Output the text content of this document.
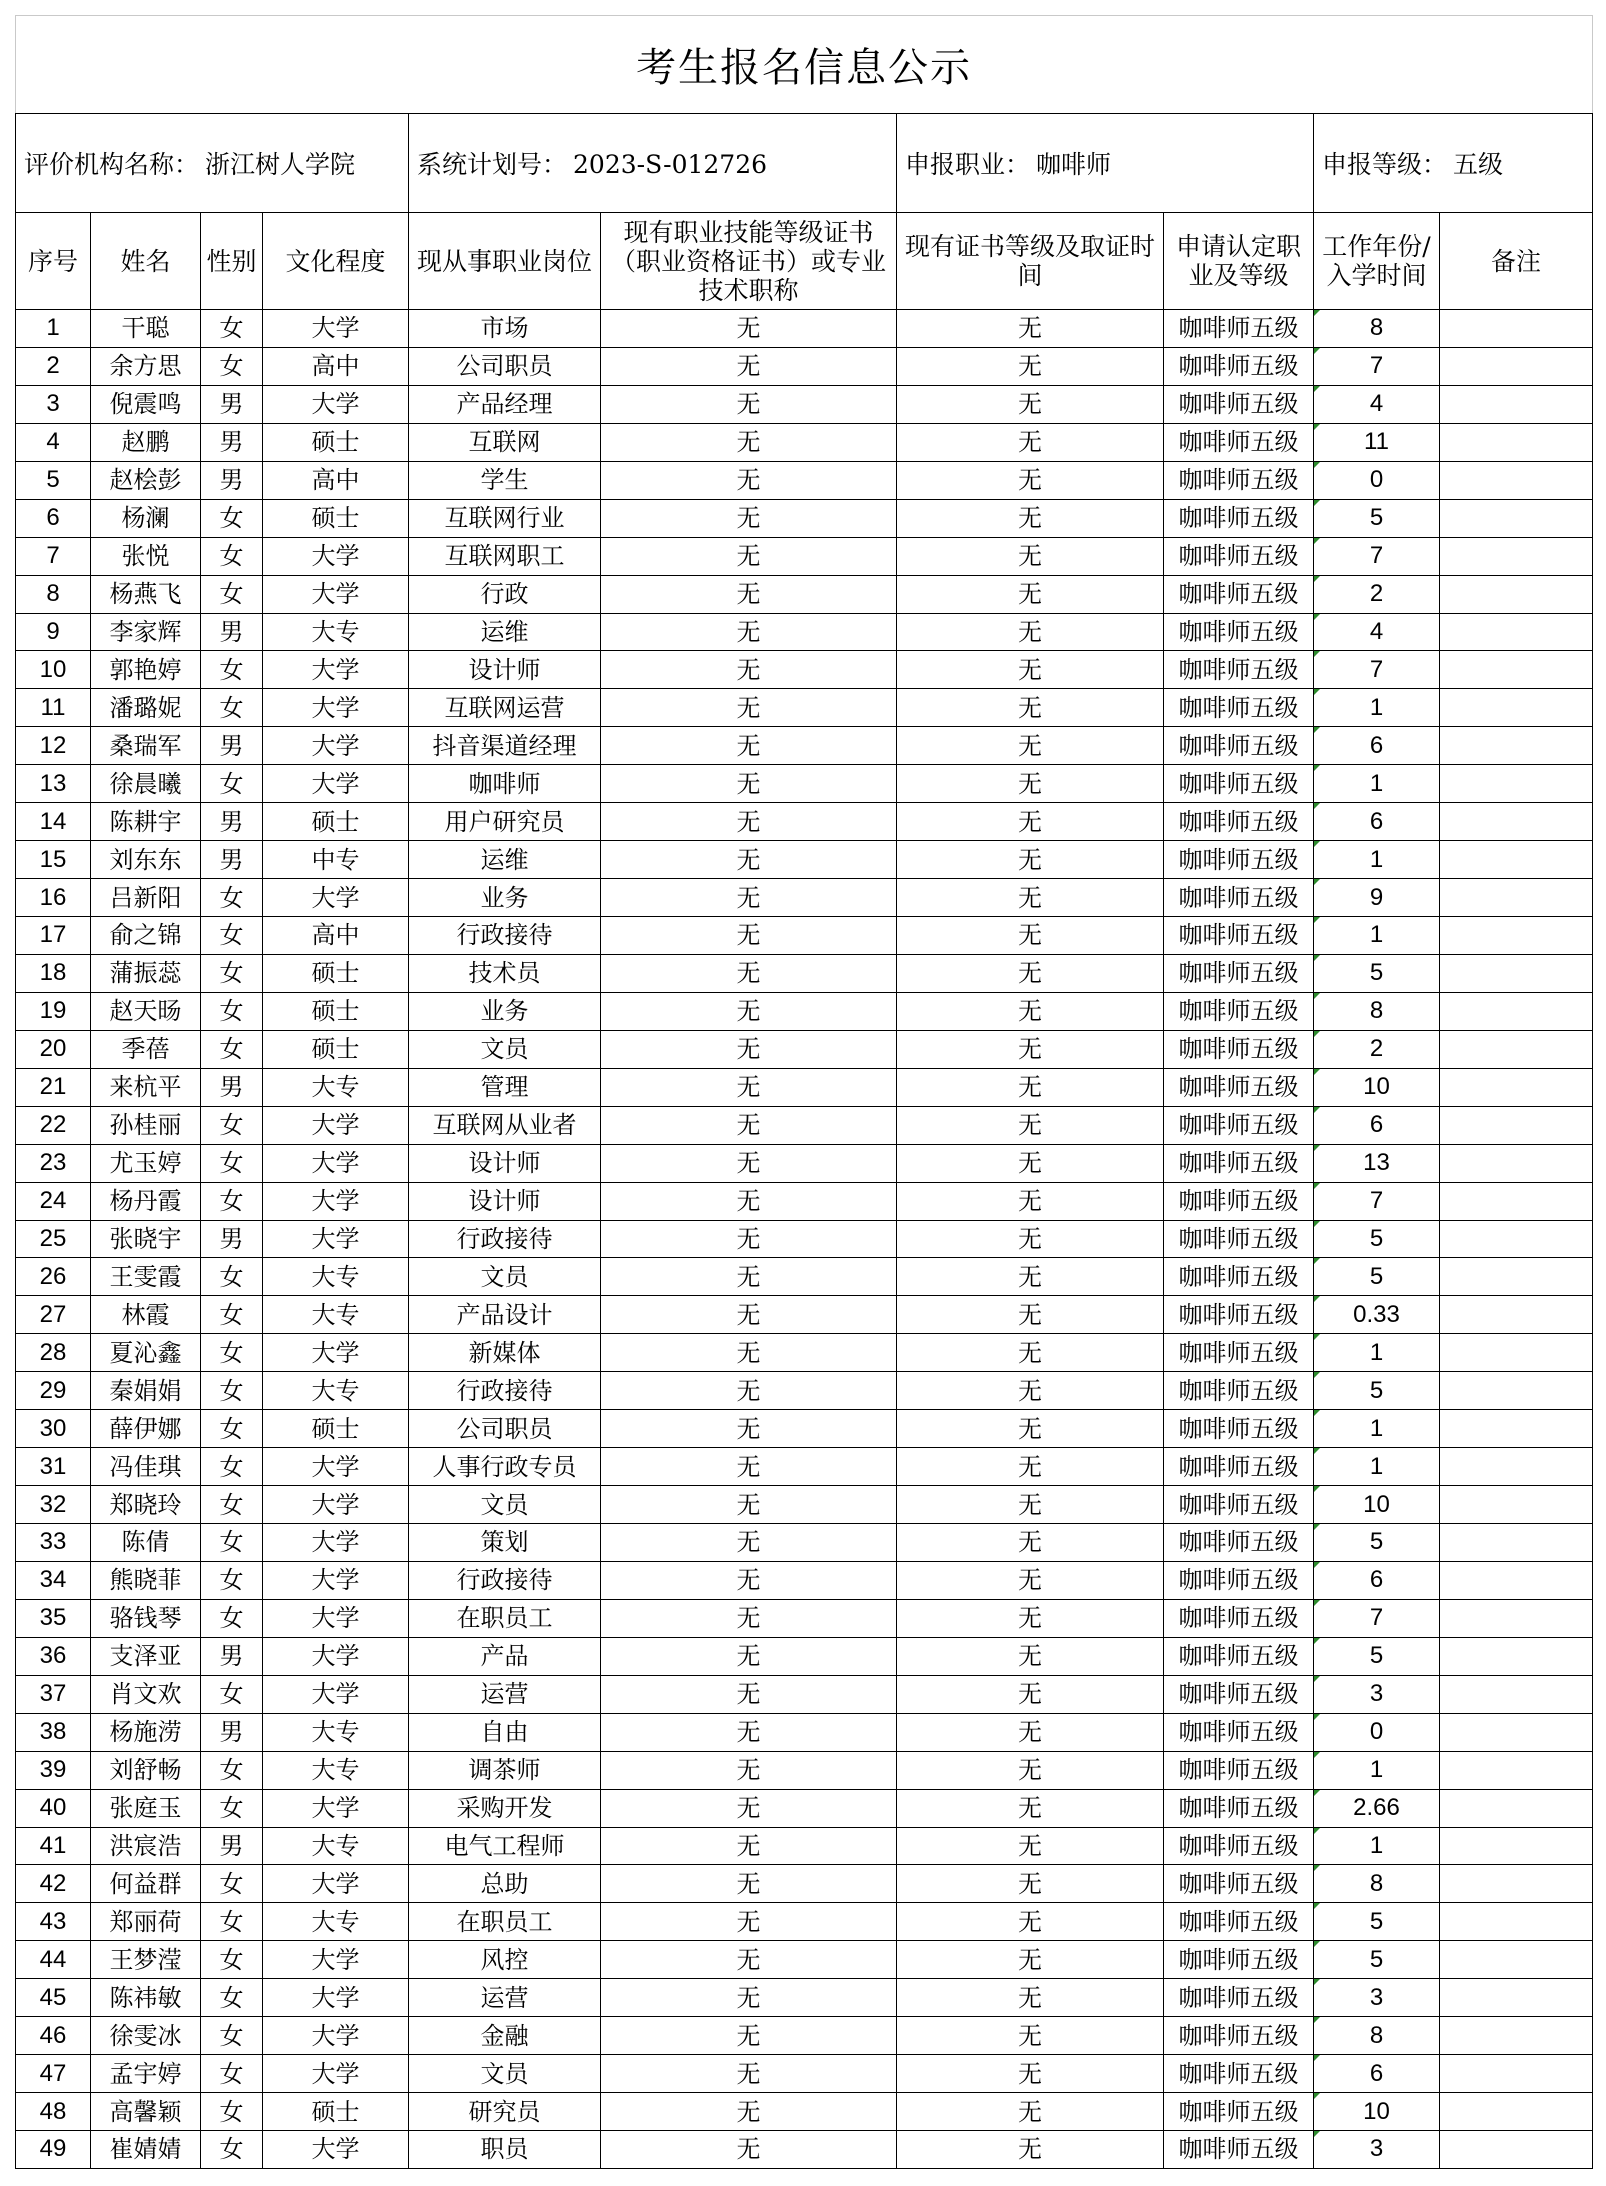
考生报名信息公示									
评价机构名称： 浙江树人学院				系统计划号： 2023-S-012726		申报职业： 咖啡师		申报等级： 五级	
序号	姓名	性别	文化程度	现从事职业岗位	现有职业技能等级证书（职业资格证书）或专业技术职称	现有证书等级及取证时间	申请认定职业及等级	工作年份/入学时间	备注
1	干聪	女	大学	市场	无	无	咖啡师五级	8	
2	余方思	女	高中	公司职员	无	无	咖啡师五级	7	
3	倪震鸣	男	大学	产品经理	无	无	咖啡师五级	4	
4	赵鹏	男	硕士	互联网	无	无	咖啡师五级	11	
5	赵桧彭	男	高中	学生	无	无	咖啡师五级	0	
6	杨澜	女	硕士	互联网行业	无	无	咖啡师五级	5	
7	张悦	女	大学	互联网职工	无	无	咖啡师五级	7	
8	杨燕飞	女	大学	行政	无	无	咖啡师五级	2	
9	李家辉	男	大专	运维	无	无	咖啡师五级	4	
10	郭艳婷	女	大学	设计师	无	无	咖啡师五级	7	
11	潘璐妮	女	大学	互联网运营	无	无	咖啡师五级	1	
12	桑瑞军	男	大学	抖音渠道经理	无	无	咖啡师五级	6	
13	徐晨曦	女	大学	咖啡师	无	无	咖啡师五级	1	
14	陈耕宇	男	硕士	用户研究员	无	无	咖啡师五级	6	
15	刘东东	男	中专	运维	无	无	咖啡师五级	1	
16	吕新阳	女	大学	业务	无	无	咖啡师五级	9	
17	俞之锦	女	高中	行政接待	无	无	咖啡师五级	1	
18	蒲振蕊	女	硕士	技术员	无	无	咖啡师五级	5	
19	赵天旸	女	硕士	业务	无	无	咖啡师五级	8	
20	季蓓	女	硕士	文员	无	无	咖啡师五级	2	
21	来杭平	男	大专	管理	无	无	咖啡师五级	10	
22	孙桂丽	女	大学	互联网从业者	无	无	咖啡师五级	6	
23	尤玉婷	女	大学	设计师	无	无	咖啡师五级	13	
24	杨丹霞	女	大学	设计师	无	无	咖啡师五级	7	
25	张晓宇	男	大学	行政接待	无	无	咖啡师五级	5	
26	王雯霞	女	大专	文员	无	无	咖啡师五级	5	
27	林霞	女	大专	产品设计	无	无	咖啡师五级	0.33	
28	夏沁鑫	女	大学	新媒体	无	无	咖啡师五级	1	
29	秦娟娟	女	大专	行政接待	无	无	咖啡师五级	5	
30	薛伊娜	女	硕士	公司职员	无	无	咖啡师五级	1	
31	冯佳琪	女	大学	人事行政专员	无	无	咖啡师五级	1	
32	郑晓玲	女	大学	文员	无	无	咖啡师五级	10	
33	陈倩	女	大学	策划	无	无	咖啡师五级	5	
34	熊晓菲	女	大学	行政接待	无	无	咖啡师五级	6	
35	骆钱琴	女	大学	在职员工	无	无	咖啡师五级	7	
36	支泽亚	男	大学	产品	无	无	咖啡师五级	5	
37	肖文欢	女	大学	运营	无	无	咖啡师五级	3	
38	杨施涝	男	大专	自由	无	无	咖啡师五级	0	
39	刘舒畅	女	大专	调茶师	无	无	咖啡师五级	1	
40	张庭玉	女	大学	采购开发	无	无	咖啡师五级	2.66	
41	洪宸浩	男	大专	电气工程师	无	无	咖啡师五级	1	
42	何益群	女	大学	总助	无	无	咖啡师五级	8	
43	郑丽荷	女	大专	在职员工	无	无	咖啡师五级	5	
44	王梦滢	女	大学	风控	无	无	咖啡师五级	5	
45	陈祎敏	女	大学	运营	无	无	咖啡师五级	3	
46	徐雯冰	女	大学	金融	无	无	咖啡师五级	8	
47	孟宇婷	女	大学	文员	无	无	咖啡师五级	6	
48	高馨颖	女	硕士	研究员	无	无	咖啡师五级	10	
49	崔婧婧	女	大学	职员	无	无	咖啡师五级	3	
